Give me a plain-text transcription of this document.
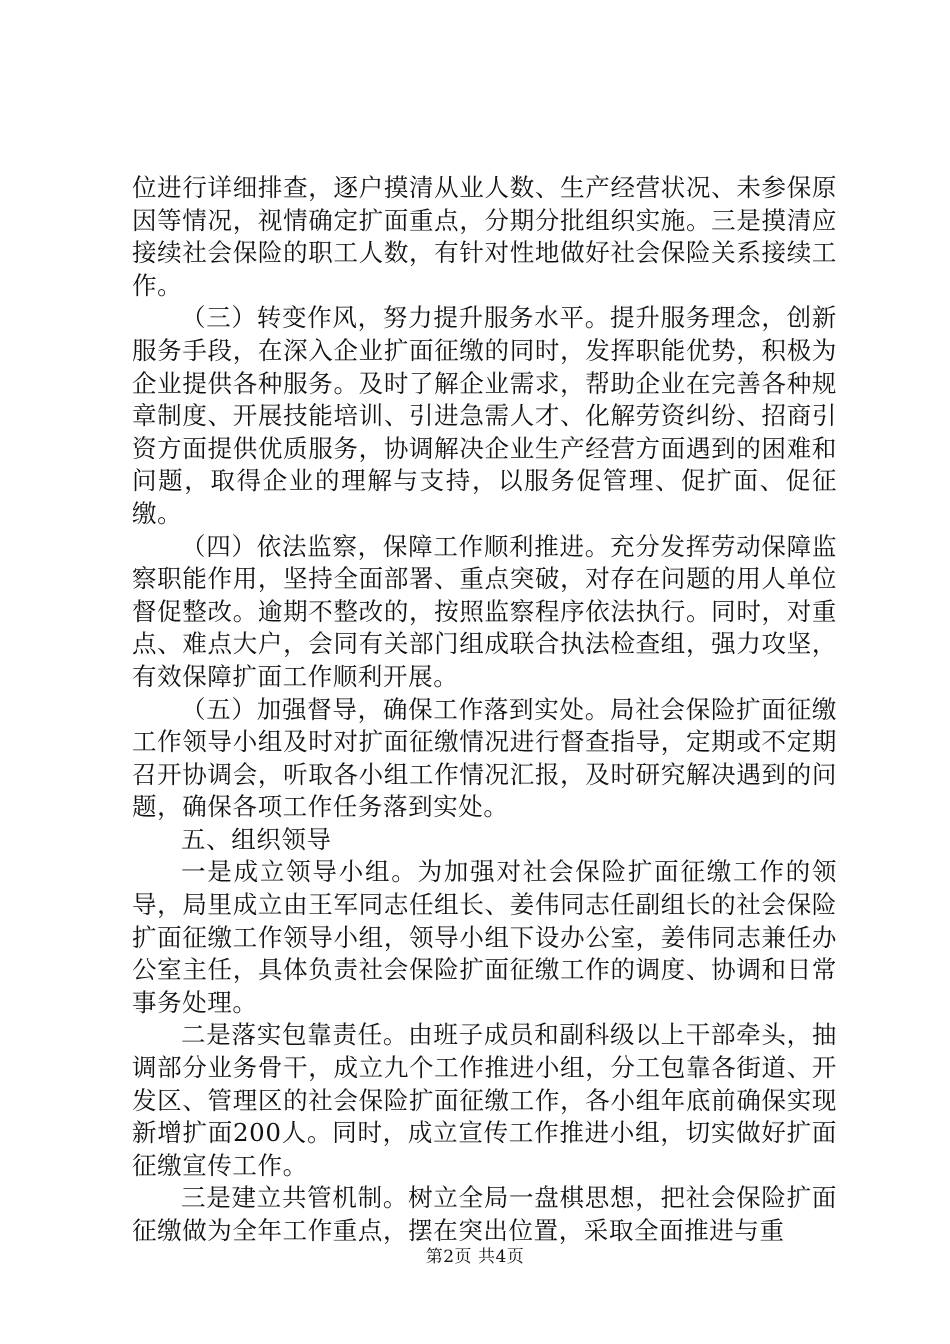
位进行详细排查，逐户摸清从业人数、生产经营状况、未参保原因等情况，视情确定扩面重点，分期分批组织实施。三是摸清应接续社会保险的职工人数，有针对性地做好社会保险关系接续工作。

（三）转变作风，努力提升服务水平。提升服务理念，创新服务手段，在深入企业扩面征缴的同时，发挥职能优势，积极为企业提供各种服务。及时了解企业需求，帮助企业在完善各种规章制度、开展技能培训、引进急需人才、化解劳资纠纷、招商引资方面提供优质服务，协调解决企业生产经营方面遇到的困难和问题，取得企业的理解与支持，以服务促管理、促扩面、促征缴。

（四）依法监察，保障工作顺利推进。充分发挥劳动保障监察职能作用，坚持全面部署、重点突破，对存在问题的用人单位督促整改。逾期不整改的，按照监察程序依法执行。同时，对重点、难点大户，会同有关部门组成联合执法检查组，强力攻坚，有效保障扩面工作顺利开展。

（五）加强督导，确保工作落到实处。局社会保险扩面征缴工作领导小组及时对扩面征缴情况进行督查指导，定期或不定期召开协调会，听取各小组工作情况汇报，及时研究解决遇到的问题，确保各项工作任务落到实处。

五、组织领导

一是成立领导小组。为加强对社会保险扩面征缴工作的领导，局里成立由王军同志任组长、姜伟同志任副组长的社会保险扩面征缴工作领导小组，领导小组下设办公室，姜伟同志兼任办公室主任，具体负责社会保险扩面征缴工作的调度、协调和日常事务处理。

二是落实包靠责任。由班子成员和副科级以上干部牵头，抽调部分业务骨干，成立九个工作推进小组，分工包靠各街道、开发区、管理区的社会保险扩面征缴工作，各小组年底前确保实现新增扩面200人。同时，成立宣传工作推进小组，切实做好扩面征缴宣传工作。

三是建立共管机制。树立全局一盘棋思想，把社会保险扩面征缴做为全年工作重点，摆在突出位置，采取全面推进与重

第2页 共4页
